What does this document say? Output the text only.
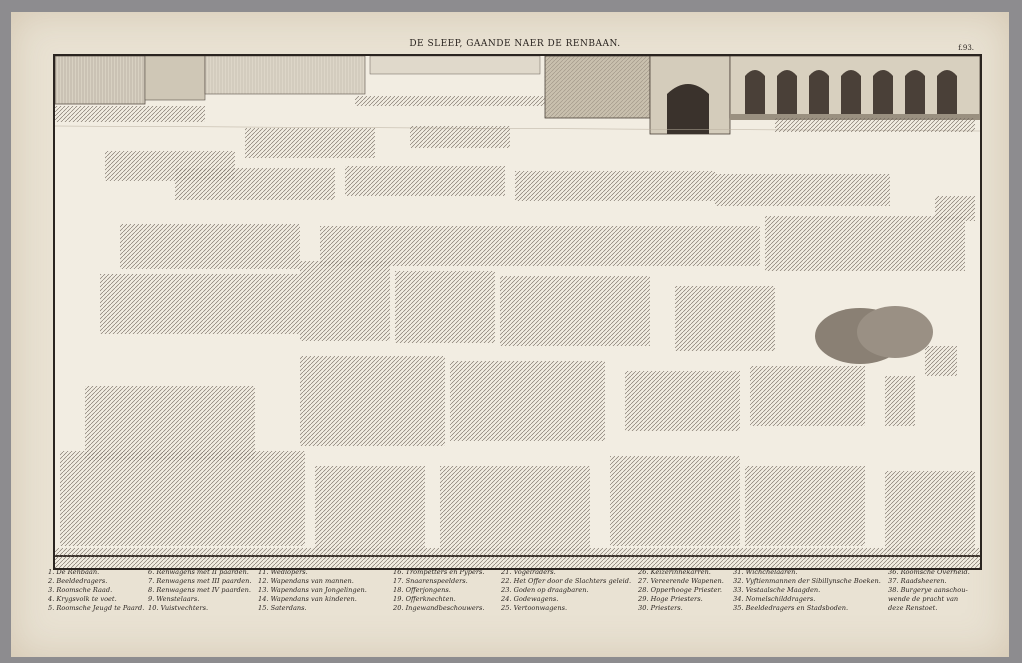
DE SLEEP, GAANDE NAER DE RENBAAN.	f.93.
1. De Renbaan.
2. Beeldedragers.
3. Roomsche Raad.
4. Krygsvolk te voet.
5. Roomsche Jeugd te Paard.
6. Renwagens met II paarden.
7. Renwagens met III paarden.
8. Renwagens met IV paarden.
9. Wenstelaars.
10. Vuistvechters.
11. Wedlopers.
12. Wapendans van mannen.
13. Wapendans van Jongelingen.
14. Wapendans van kinderen.
15. Saterdans.
16. Trompetters en Pypers.
17. Snaarenspeelders.
18. Offerjongens.
19. Offerknechten.
20. Ingewandbeschouwers.
21. Vogelraders.
22. Het Offer door de Slachters geleid.
23. Goden op draagbaren.
24. Godewagens.
25. Vertoonwagens.
26. Keizerinnekarren.
27. Vereerende Wapenen.
28. Opperhooge Priester.
29. Hoge Priesters.
30. Priesters.
31. Wichchelaaren.
32. Vyftienmannen der Sibillynsche Boeken.
33. Vestaalsche Maagden.
34. Nomelschilddragers.
35. Beeldedragers en Stadsboden.
36. Roomsche Overheid.
37. Raadsheeren.
38. Burgerye aanschou-
wende de pracht van
deze Renstoet.
